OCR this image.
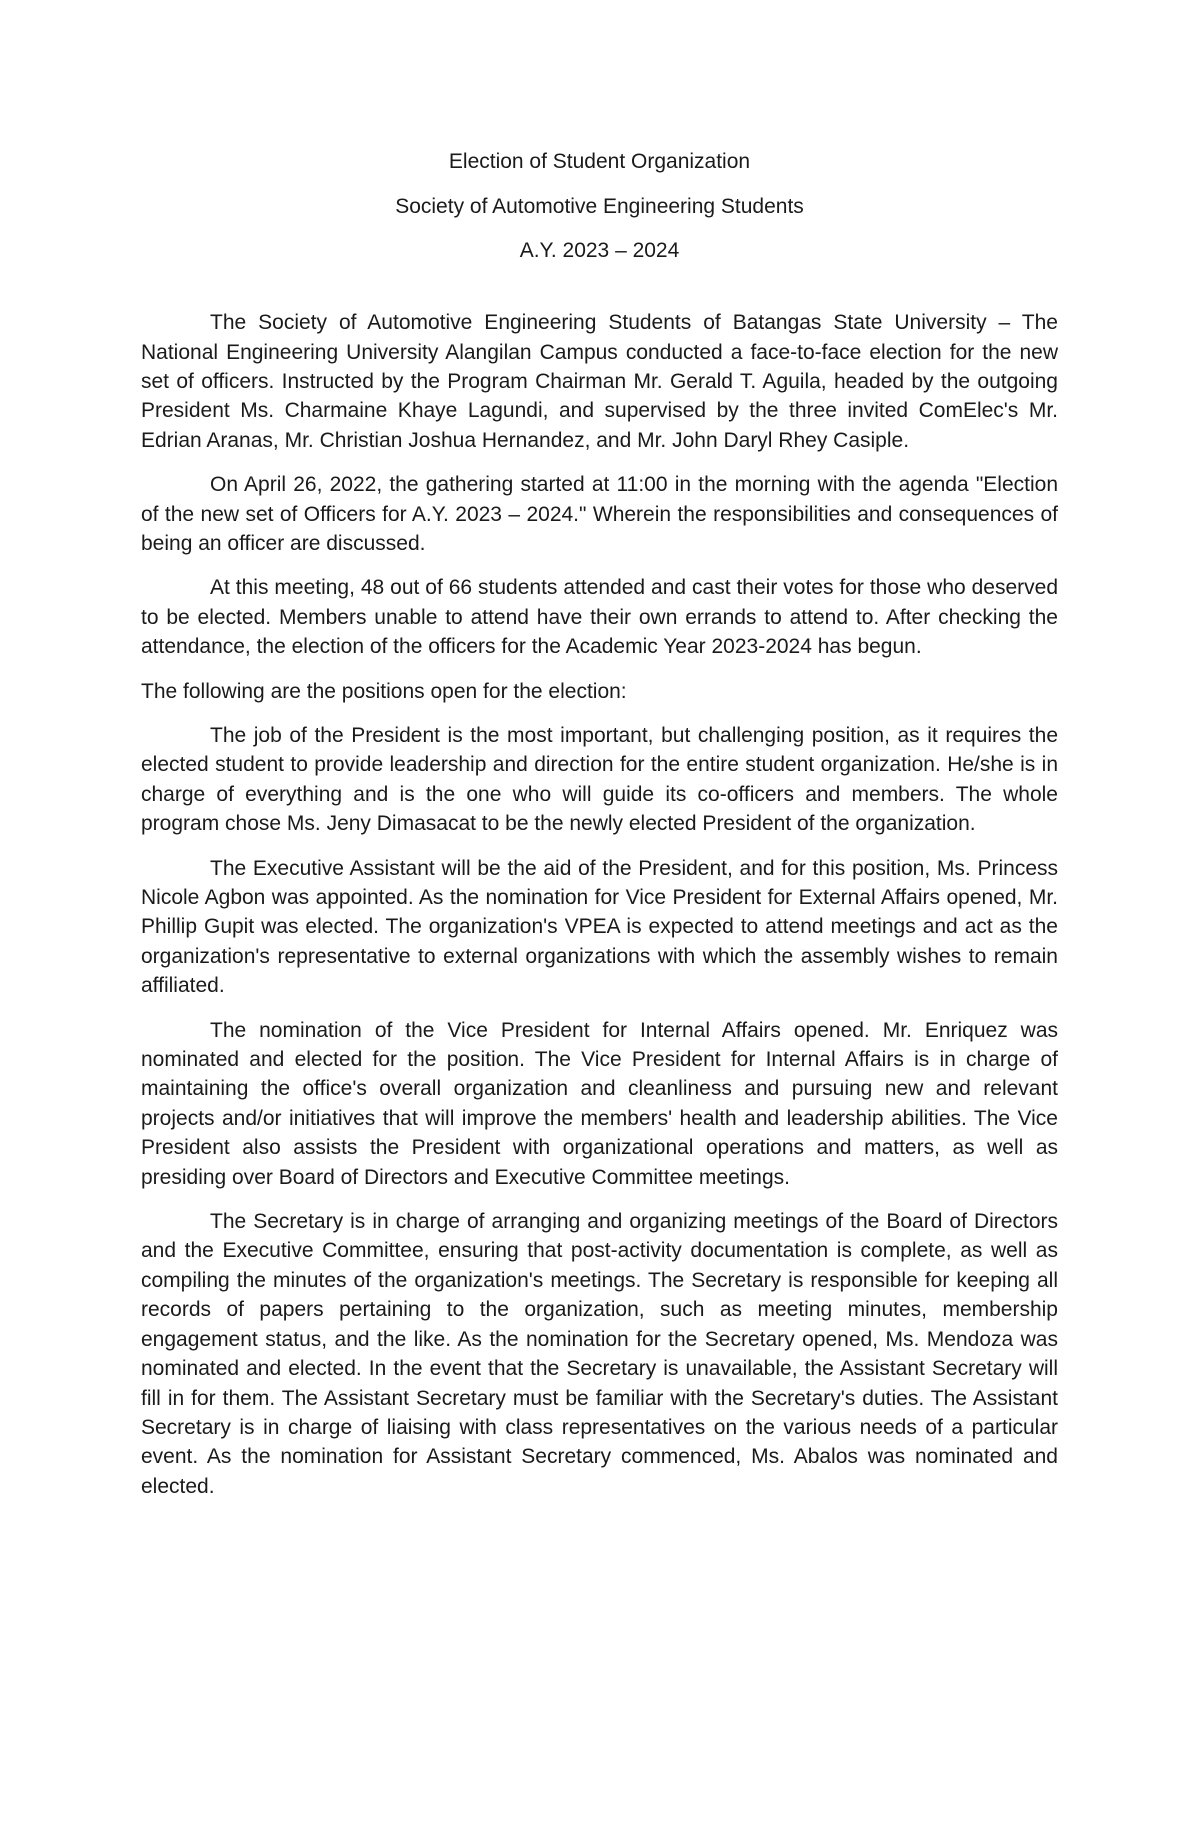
Election of Student Organization

Society of Automotive Engineering Students

A.Y. 2023 – 2024

The Society of Automotive Engineering Students of Batangas State University – The National Engineering University Alangilan Campus conducted a face-to-face election for the new set of officers. Instructed by the Program Chairman Mr. Gerald T. Aguila, headed by the outgoing President Ms. Charmaine Khaye Lagundi, and supervised by the three invited ComElec's Mr. Edrian Aranas, Mr. Christian Joshua Hernandez, and Mr. John Daryl Rhey Casiple.

On April 26, 2022, the gathering started at 11:00 in the morning with the agenda "Election of the new set of Officers for A.Y. 2023 – 2024." Wherein the responsibilities and consequences of being an officer are discussed.

At this meeting, 48 out of 66 students attended and cast their votes for those who deserved to be elected. Members unable to attend have their own errands to attend to. After checking the attendance, the election of the officers for the Academic Year 2023-2024 has begun.

The following are the positions open for the election:

The job of the President is the most important, but challenging position, as it requires the elected student to provide leadership and direction for the entire student organization. He/she is in charge of everything and is the one who will guide its co-officers and members. The whole program chose Ms. Jeny Dimasacat to be the newly elected President of the organization.

The Executive Assistant will be the aid of the President, and for this position, Ms. Princess Nicole Agbon was appointed. As the nomination for Vice President for External Affairs opened, Mr. Phillip Gupit was elected. The organization's VPEA is expected to attend meetings and act as the organization's representative to external organizations with which the assembly wishes to remain affiliated.

The nomination of the Vice President for Internal Affairs opened. Mr. Enriquez was nominated and elected for the position. The Vice President for Internal Affairs is in charge of maintaining the office's overall organization and cleanliness and pursuing new and relevant projects and/or initiatives that will improve the members' health and leadership abilities. The Vice President also assists the President with organizational operations and matters, as well as presiding over Board of Directors and Executive Committee meetings.

The Secretary is in charge of arranging and organizing meetings of the Board of Directors and the Executive Committee, ensuring that post-activity documentation is complete, as well as compiling the minutes of the organization's meetings. The Secretary is responsible for keeping all records of papers pertaining to the organization, such as meeting minutes, membership engagement status, and the like. As the nomination for the Secretary opened, Ms. Mendoza was nominated and elected. In the event that the Secretary is unavailable, the Assistant Secretary will fill in for them. The Assistant Secretary must be familiar with the Secretary's duties. The Assistant Secretary is in charge of liaising with class representatives on the various needs of a particular event. As the nomination for Assistant Secretary commenced, Ms. Abalos was nominated and elected.
